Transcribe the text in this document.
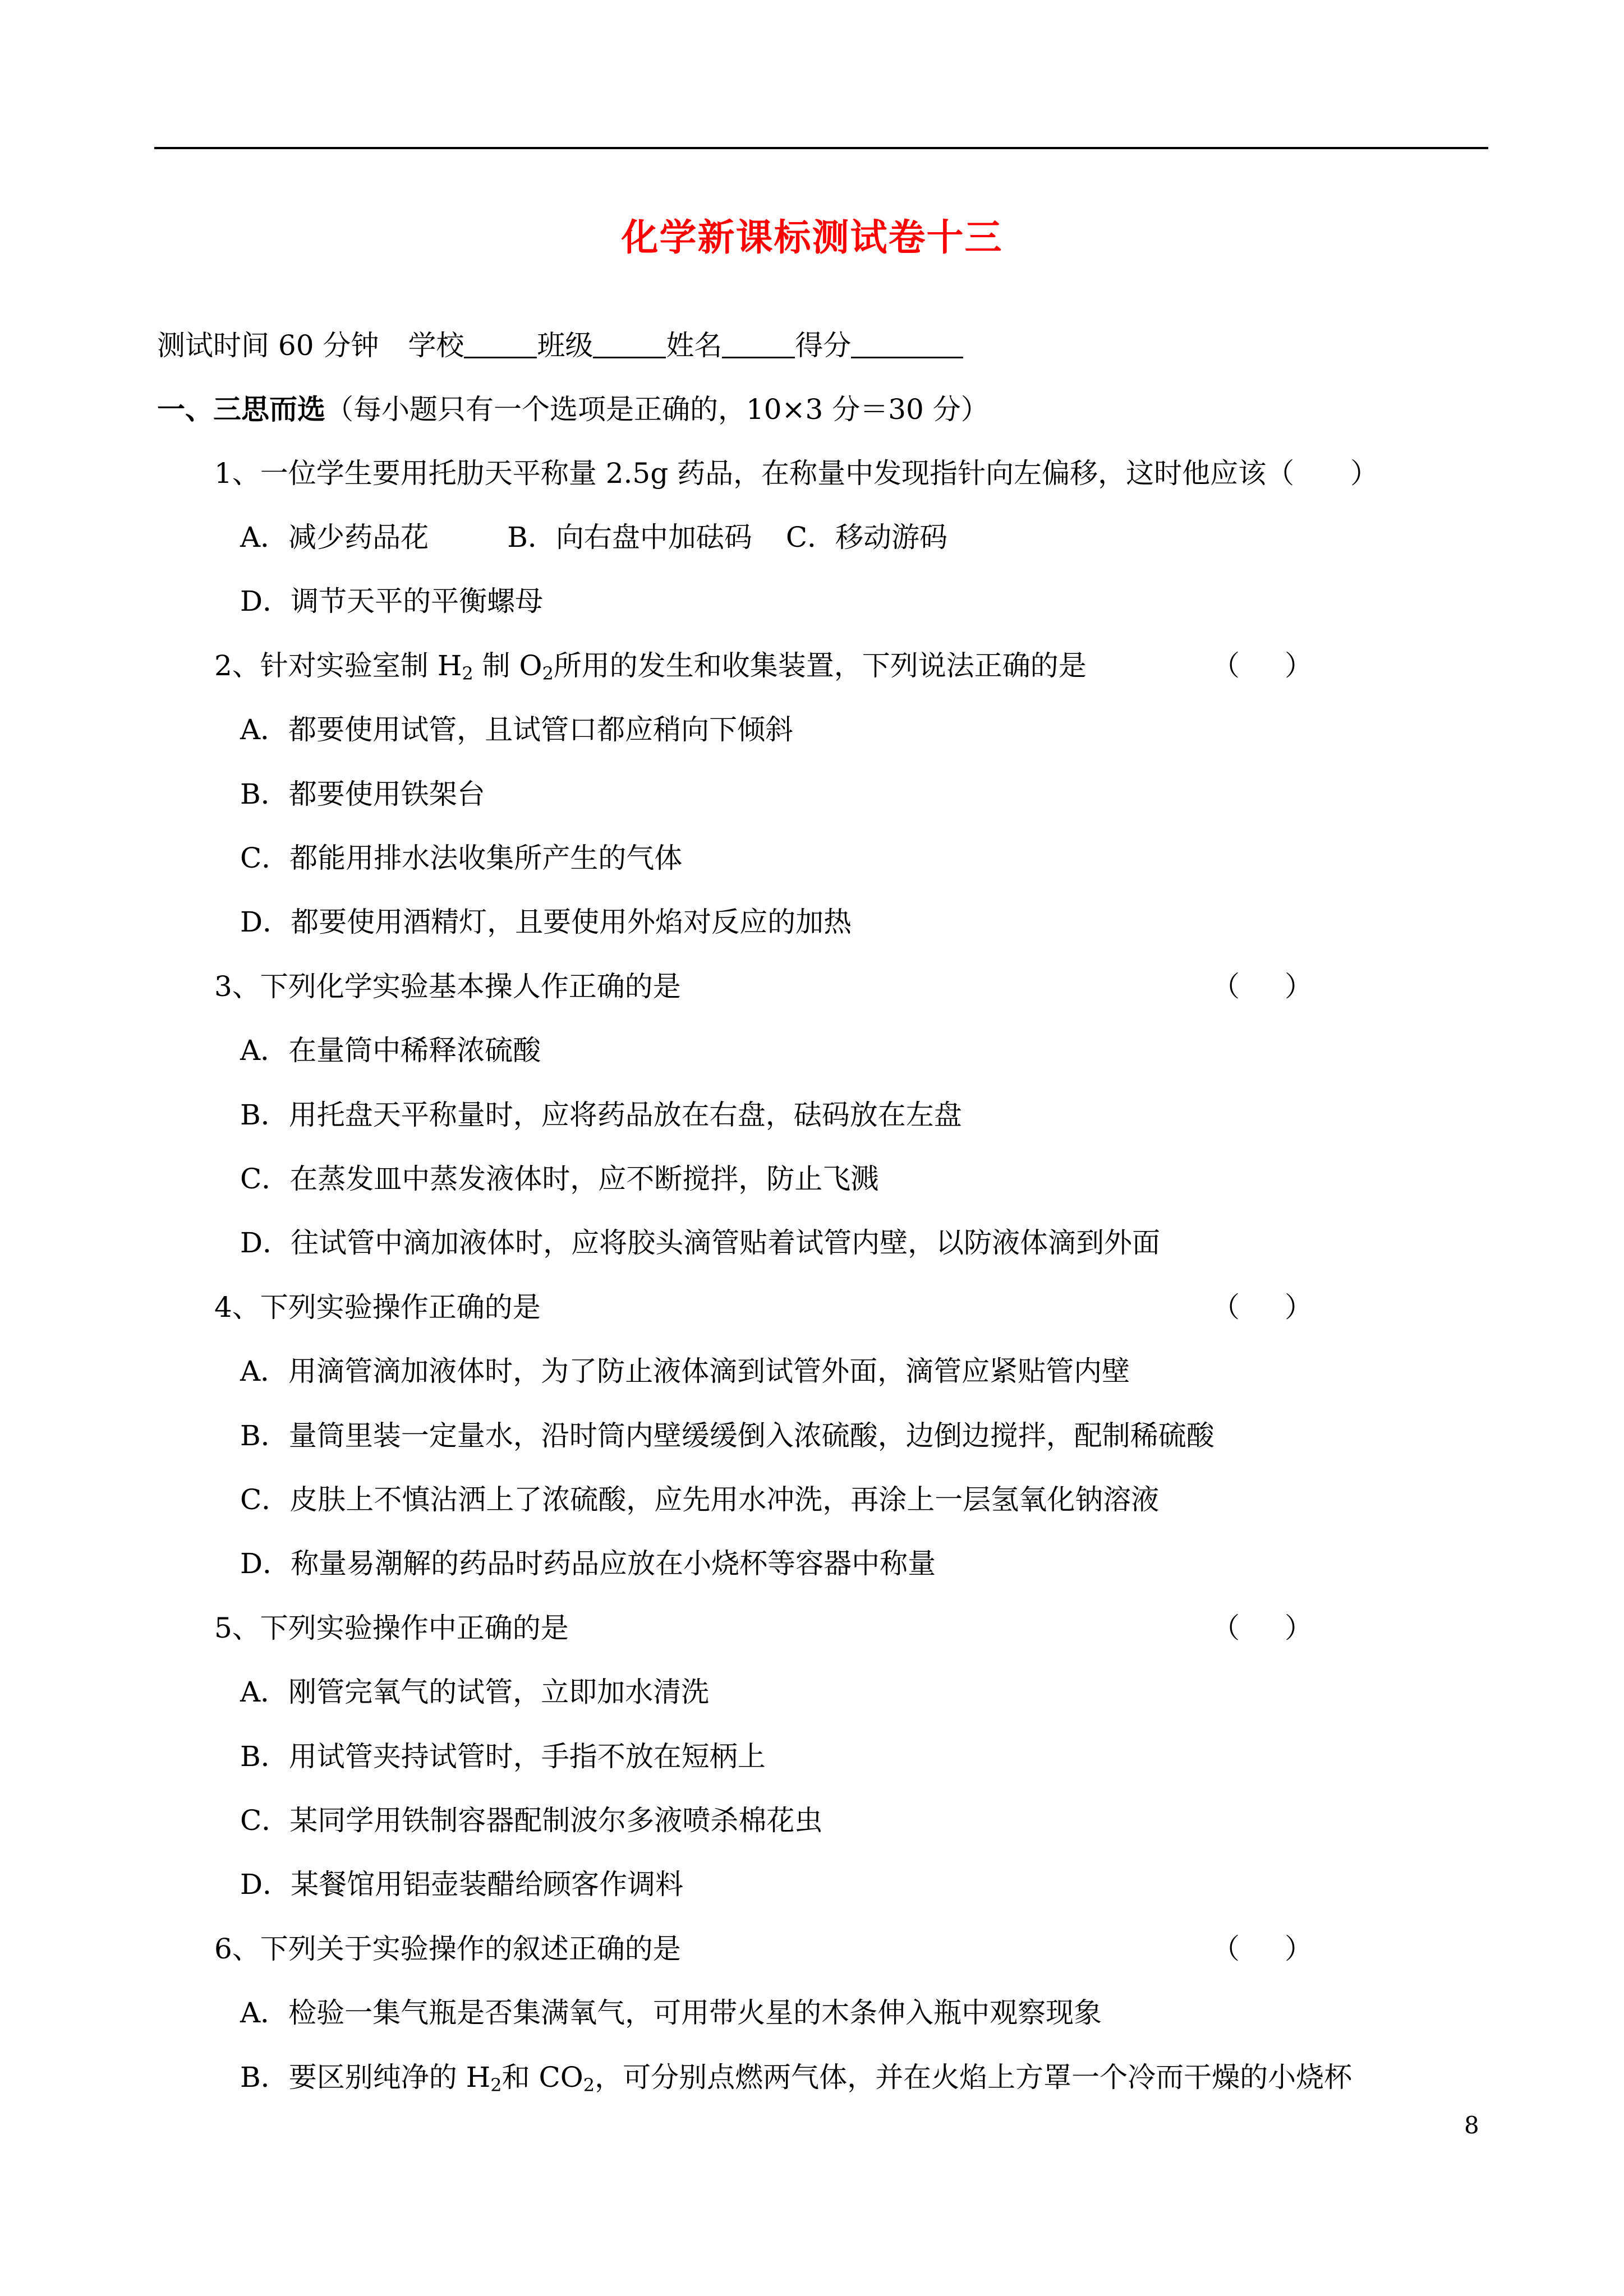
化学新课标测试卷十三
测试时间 60 分钟 学校	班级	姓名	得分
一、三思而选（每小题只有一个选项是正确的，10×3 分＝30 分）
1、一位学生要用托肋天平称量 2.5g 药品，在称量中发现指针向左偏移，这时他应该（　　）
A．减少药品花	B．向右盘中加砝码 C．移动游码
D．调节天平的平衡螺母
2、针对实验室制 $H_2$ 制 $O_2$所用的发生和收集装置，下列说法正确的是	（ ）
A．都要使用试管，且试管口都应稍向下倾斜
B．都要使用铁架台
C．都能用排水法收集所产生的气体
D．都要使用酒精灯，且要使用外焰对反应的加热
3、下列化学实验基本操人作正确的是	（ ）
A．在量筒中稀释浓硫酸
B．用托盘天平称量时，应将药品放在右盘，砝码放在左盘
C．在蒸发皿中蒸发液体时，应不断搅拌，防止飞溅
D．往试管中滴加液体时，应将胶头滴管贴着试管内壁，以防液体滴到外面
4、下列实验操作正确的是	（ ）
A．用滴管滴加液体时，为了防止液体滴到试管外面，滴管应紧贴管内壁
B．量筒里装一定量水，沿时筒内壁缓缓倒入浓硫酸，边倒边搅拌，配制稀硫酸
C．皮肤上不慎沾洒上了浓硫酸，应先用水冲洗，再涂上一层氢氧化钠溶液
D．称量易潮解的药品时药品应放在小烧杯等容器中称量
5、下列实验操作中正确的是	（ ）
A．刚管完氧气的试管，立即加水清洗
B．用试管夹持试管时，手指不放在短柄上
C．某同学用铁制容器配制波尔多液喷杀棉花虫
D．某餐馆用铝壶装醋给顾客作调料
6、下列关于实验操作的叙述正确的是	（ ）
A．检验一集气瓶是否集满氧气，可用带火星的木条伸入瓶中观察现象
B．要区别纯净的 $H_2$和 $CO_2$，可分别点燃两气体，并在火焰上方罩一个冷而干燥的小烧杯
8
